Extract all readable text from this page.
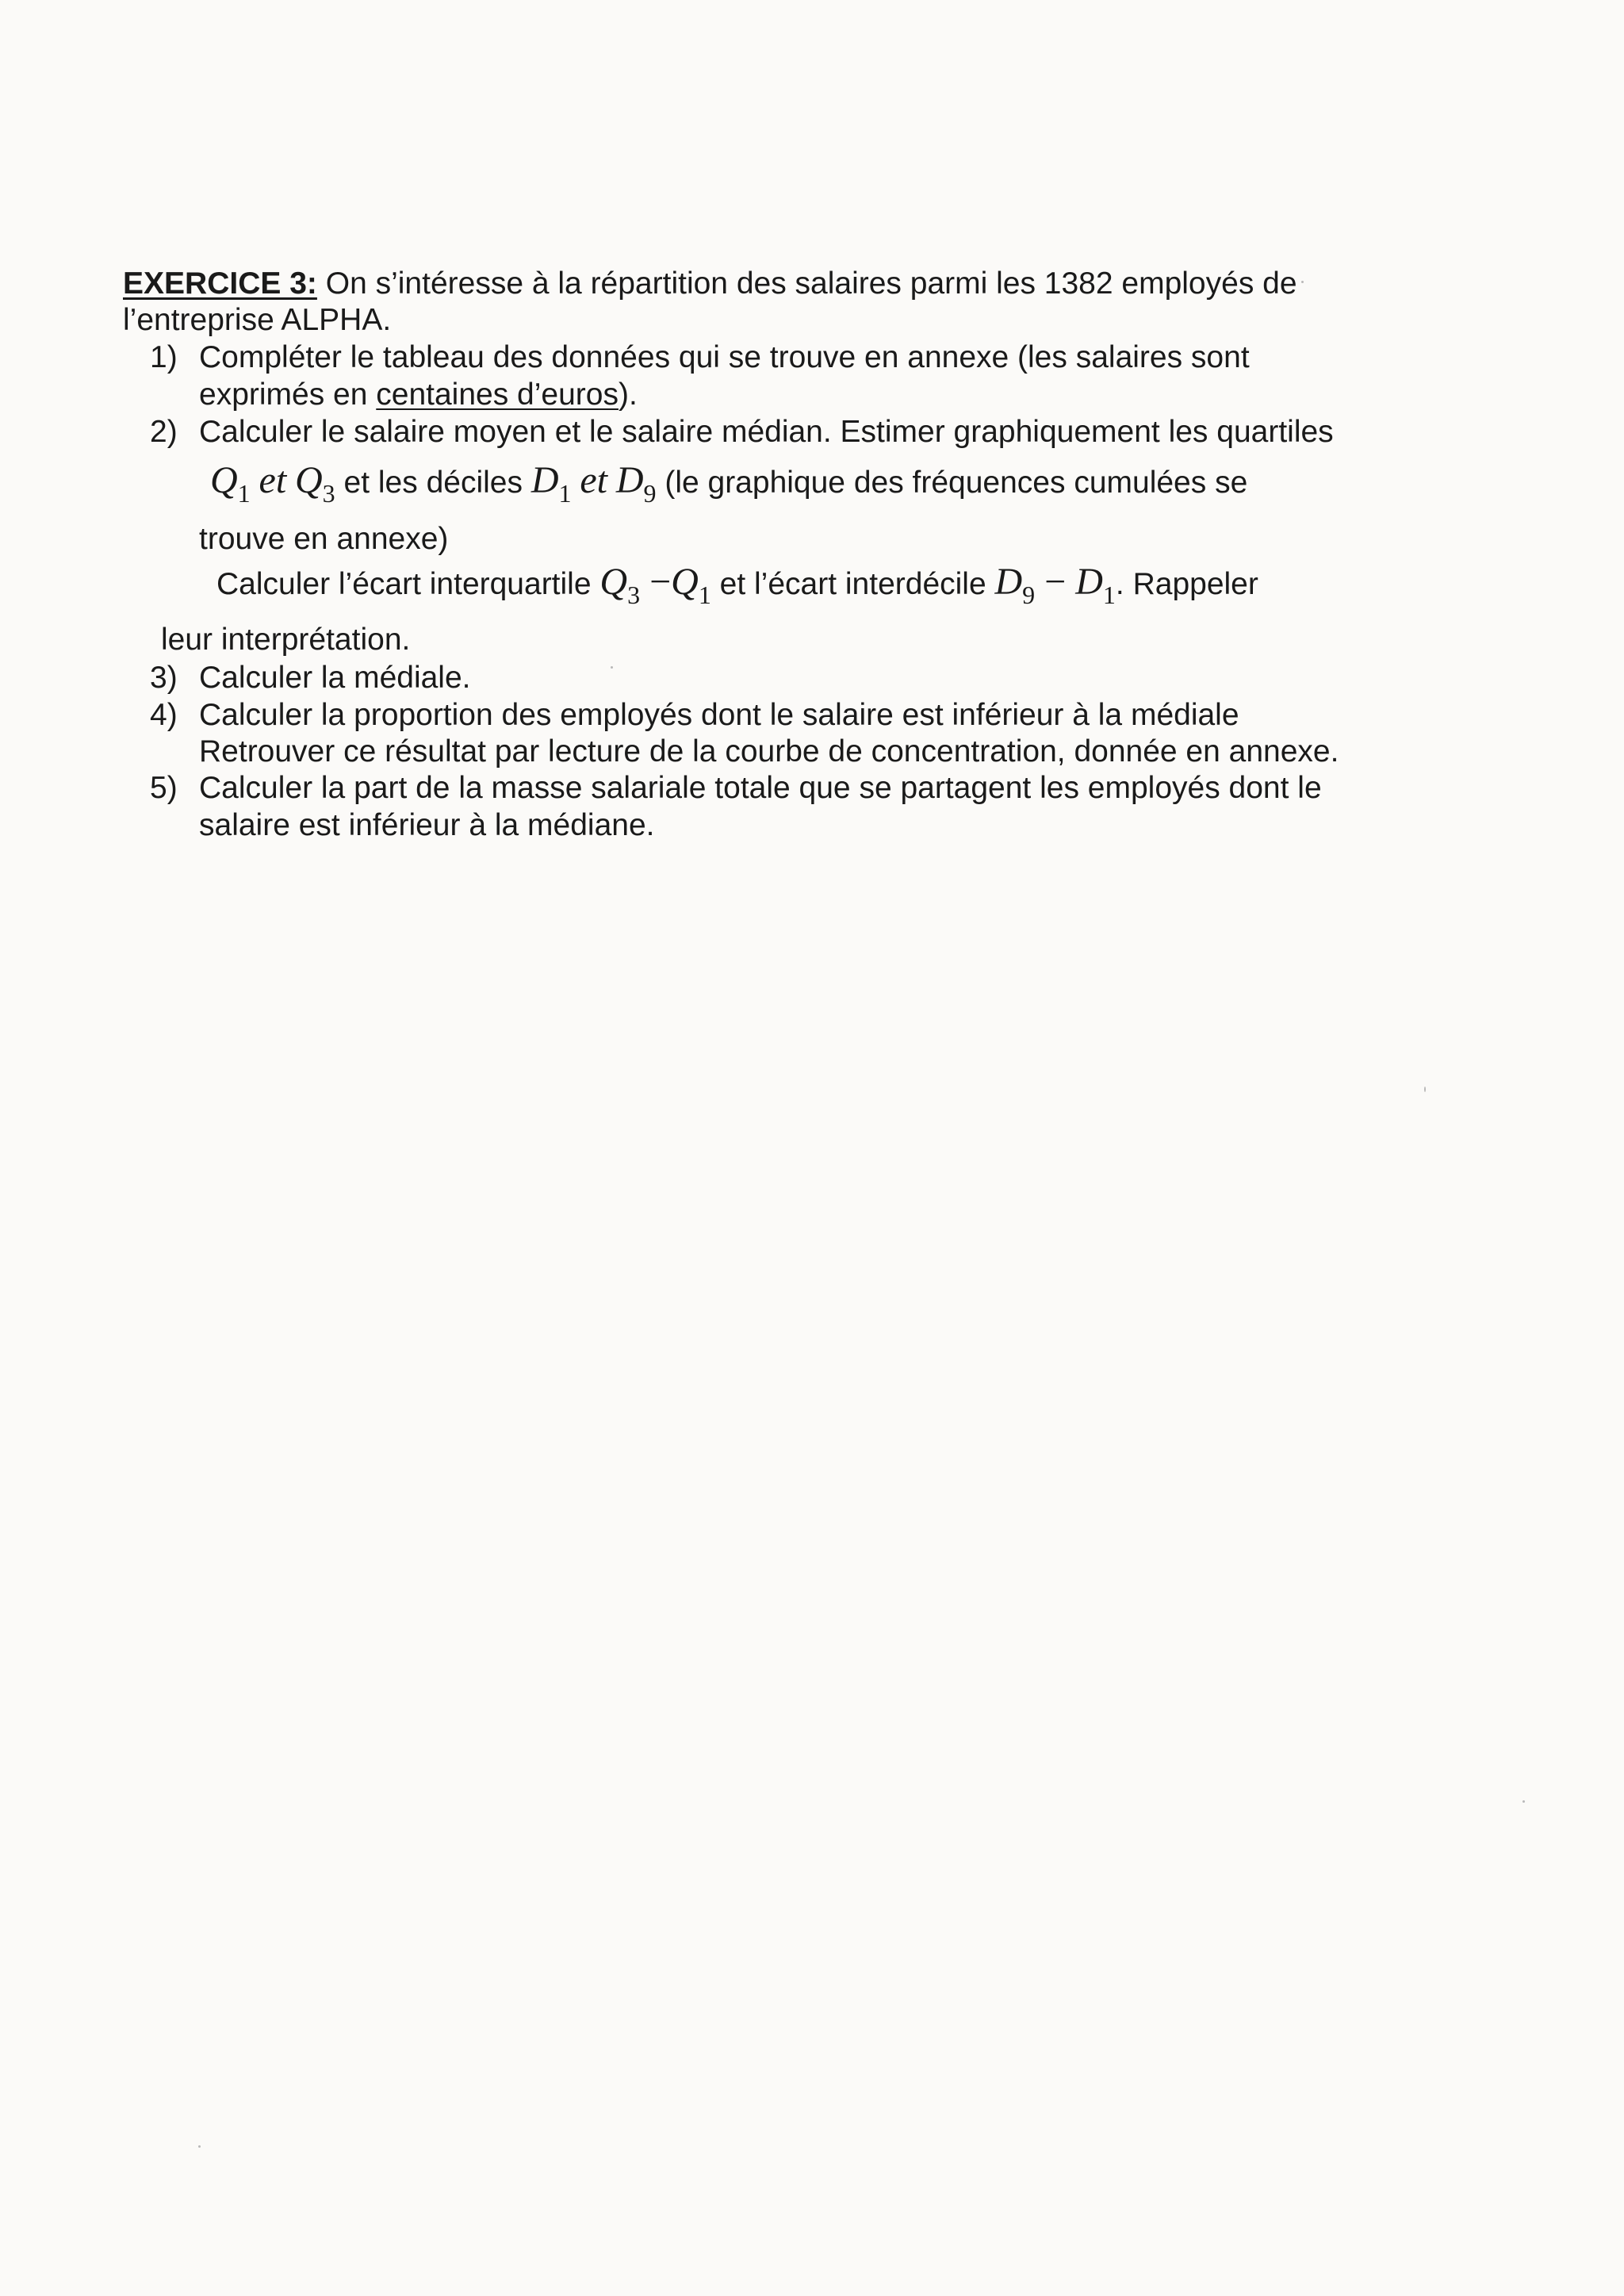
EXERCICE 3: On s’intéresse à la répartition des salaires parmi les 1382 employés de
l’entreprise ALPHA.
1) Compléter le tableau des données qui se trouve en annexe (les salaires sont
exprimés en centaines d’euros).
2) Calculer le salaire moyen et le salaire médian. Estimer graphiquement les quartiles
$Q_1$ et $Q_3$ et les déciles $D_1$ et $D_9$ (le graphique des fréquences cumulées se
trouve en annexe)
Calculer l’écart interquartile $Q_3 -Q_1$ et l’écart interdécile $D_9 - D_1$. Rappeler
leur interprétation.
3) Calculer la médiale.
4) Calculer la proportion des employés dont le salaire est inférieur à la médiale
Retrouver ce résultat par lecture de la courbe de concentration, donnée en annexe.
5) Calculer la part de la masse salariale totale que se partagent les employés dont le
salaire est inférieur à la médiane.
